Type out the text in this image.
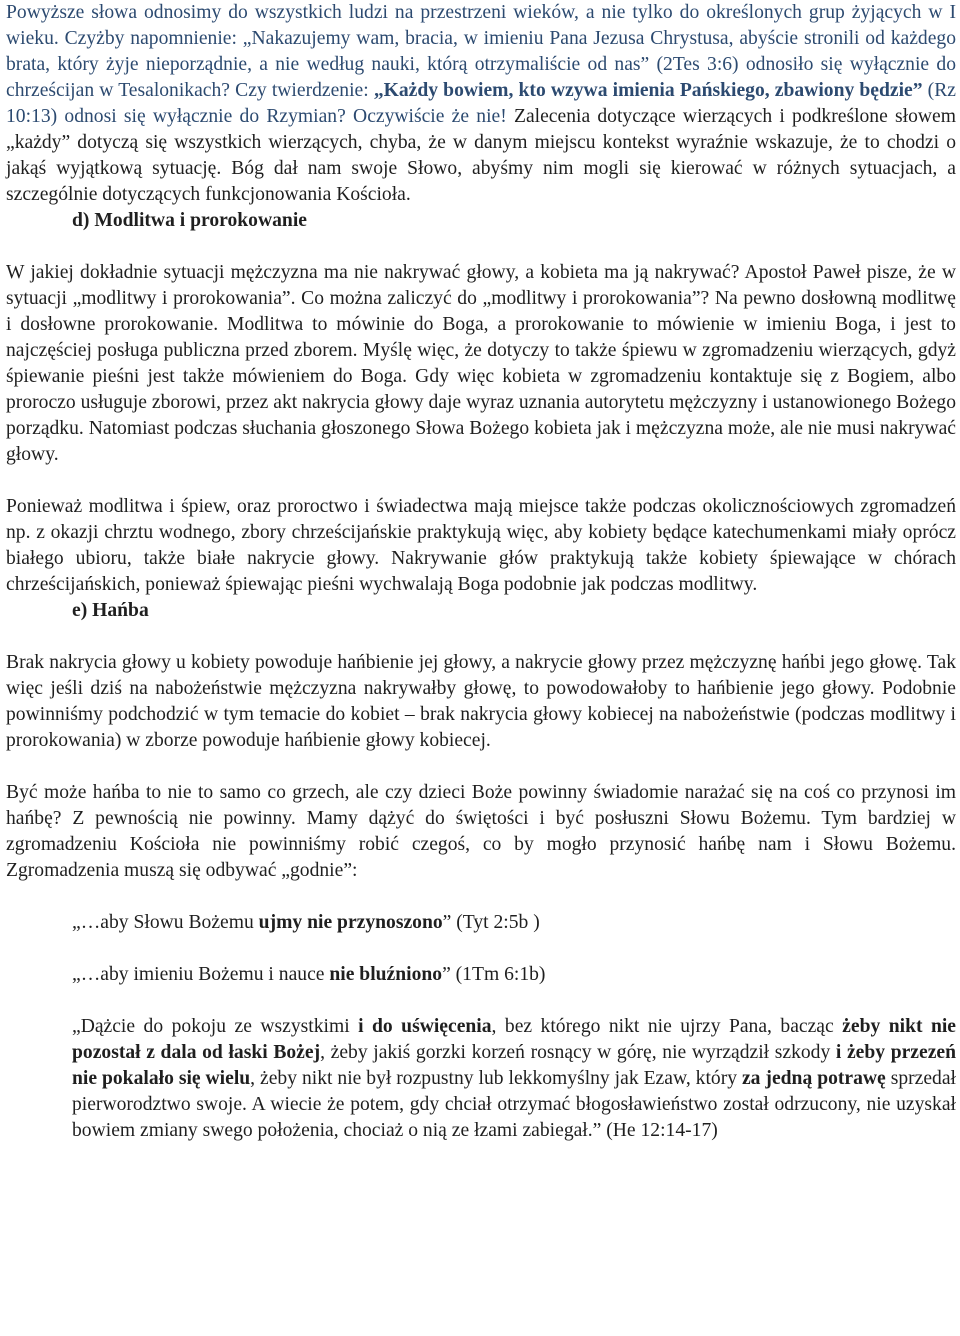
Powyższe słowa odnosimy do wszystkich ludzi na przestrzeni wieków, a nie tylko do określonych grup żyjących w I wieku. Czyżby napomnienie: „Nakazujemy wam, bracia, w imieniu Pana Jezusa Chrystusa, abyście stronili od każdego brata, który żyje nieporządnie, a nie według nauki, którą otrzymaliście od nas” (2Tes 3:6) odnosiło się wyłącznie do chrześcijan w Tesalonikach? Czy twierdzenie: „Każdy bowiem, kto wzywa imienia Pańskiego, zbawiony będzie” (Rz 10:13) odnosi się wyłącznie do Rzymian? Oczywiście że nie! Zalecenia dotyczące wierzących i podkreślone słowem „każdy” dotyczą się wszystkich wierzących, chyba, że w danym miejscu kontekst wyraźnie wskazuje, że to chodzi o jakąś wyjątkową sytuację. Bóg dał nam swoje Słowo, abyśmy nim mogli się kierować w różnych sytuacjach, a szczególnie dotyczących funkcjonowania Kościoła.

d) Modlitwa i prorokowanie

W jakiej dokładnie sytuacji mężczyzna ma nie nakrywać głowy, a kobieta ma ją nakrywać? Apostoł Paweł pisze, że w sytuacji „modlitwy i prorokowania”. Co można zaliczyć do „modlitwy i prorokowania”? Na pewno dosłowną modlitwę i dosłowne prorokowanie. Modlitwa to mówinie do Boga, a prorokowanie to mówienie w imieniu Boga, i jest to najczęściej posługa publiczna przed zborem. Myślę więc, że dotyczy to także śpiewu w zgromadzeniu wierzących, gdyż śpiewanie pieśni jest także mówieniem do Boga. Gdy więc kobieta w zgromadzeniu kontaktuje się z Bogiem, albo proroczo usługuje zborowi, przez akt nakrycia głowy daje wyraz uznania autorytetu mężczyzny i ustanowionego Bożego porządku. Natomiast podczas słuchania głoszonego Słowa Bożego kobieta jak i mężczyzna może, ale nie musi nakrywać głowy.

Ponieważ modlitwa i śpiew, oraz proroctwo i świadectwa mają miejsce także podczas okolicznościowych zgromadzeń np. z okazji chrztu wodnego, zbory chrześcijańskie praktykują więc, aby kobiety będące katechumenkami miały oprócz białego ubioru, także białe nakrycie głowy. Nakrywanie głów praktykują także kobiety śpiewające w chórach chrześcijańskich, ponieważ śpiewając pieśni wychwalają Boga podobnie jak podczas modlitwy.

e) Hańba

Brak nakrycia głowy u kobiety powoduje hańbienie jej głowy, a nakrycie głowy przez mężczyznę hańbi jego głowę. Tak więc jeśli dziś na nabożeństwie mężczyzna nakrywałby głowę, to powodowałoby to hańbienie jego głowy. Podobnie powinniśmy podchodzić w tym temacie do kobiet – brak nakrycia głowy kobiecej na nabożeństwie (podczas modlitwy i prorokowania) w zborze powoduje hańbienie głowy kobiecej.

Być może hańba to nie to samo co grzech, ale czy dzieci Boże powinny świadomie narażać się na coś co przynosi im hańbę? Z pewnością nie powinny. Mamy dążyć do świętości i być posłuszni Słowu Bożemu. Tym bardziej w zgromadzeniu Kościoła nie powinniśmy robić czegoś, co by mogło przynosić hańbę nam i Słowu Bożemu. Zgromadzenia muszą się odbywać „godnie”:

„…aby Słowu Bożemu ujmy nie przynoszono” (Tyt 2:5b )

„…aby imieniu Bożemu i nauce nie bluźniono” (1Tm 6:1b)

„Dążcie do pokoju ze wszystkimi i do uświęcenia, bez którego nikt nie ujrzy Pana, bacząc żeby nikt nie pozostał z dala od łaski Bożej, żeby jakiś gorzki korzeń rosnący w górę, nie wyrządził szkody i żeby przezeń nie pokalało się wielu, żeby nikt nie był rozpustny lub lekkomyślny jak Ezaw, który za jedną potrawę sprzedał pierworodztwo swoje. A wiecie że potem, gdy chciał otrzymać błogosławieństwo został odrzucony, nie uzyskał bowiem zmiany swego położenia, chociaż o nią ze łzami zabiegał.” (He 12:14-17)
